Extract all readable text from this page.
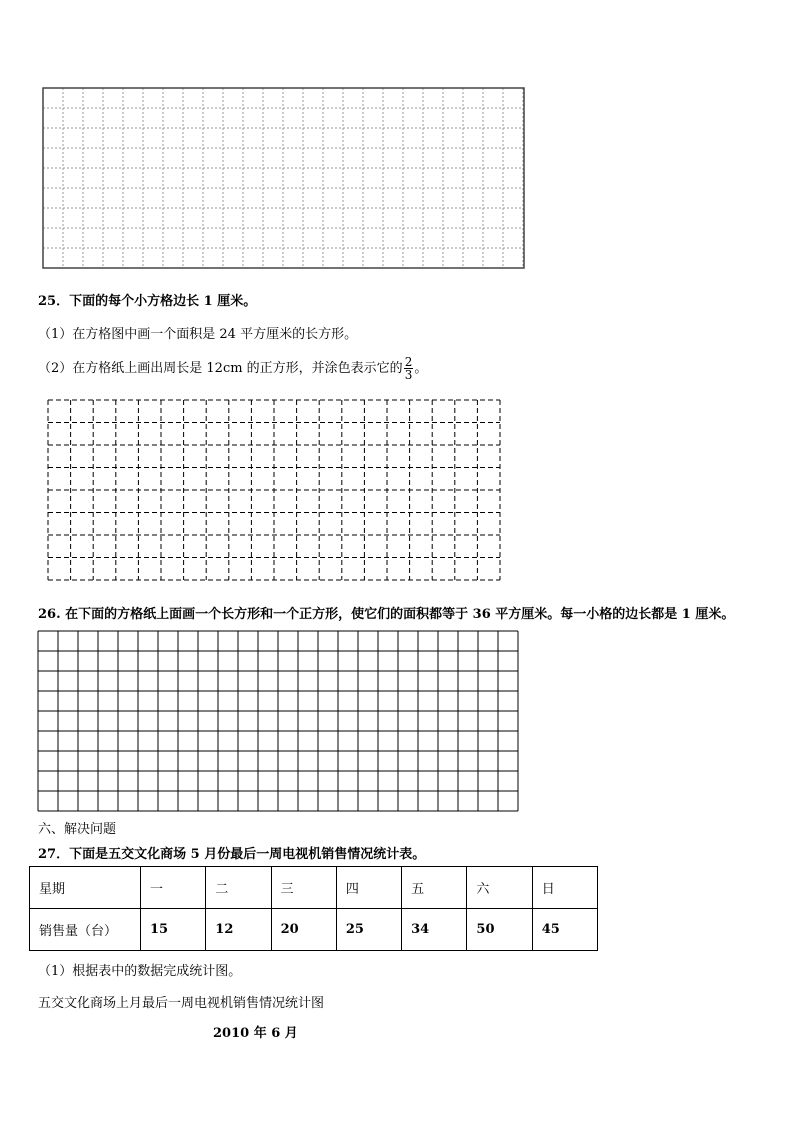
25．下面的每个小方格边长 1 厘米。
（1）在方格图中画一个面积是 24 平方厘米的长方形。
（2）在方格纸上画出周长是 12cm 的正方形，并涂色表示它的 $\frac{2}{3}$ 。
26. 在下面的方格纸上面画一个长方形和一个正方形，使它们的面积都等于 36 平方厘米。每一小格的边长都是 1 厘米。
六、解决问题
27．下面是五交文化商场 5 月份最后一周电视机销售情况统计表。
星期	一	二	三	四	五	六	日
销售量（台）	15	12	20	25	34	50	45
（1）根据表中的数据完成统计图。
五交文化商场上月最后一周电视机销售情况统计图
2010 年 6 月
